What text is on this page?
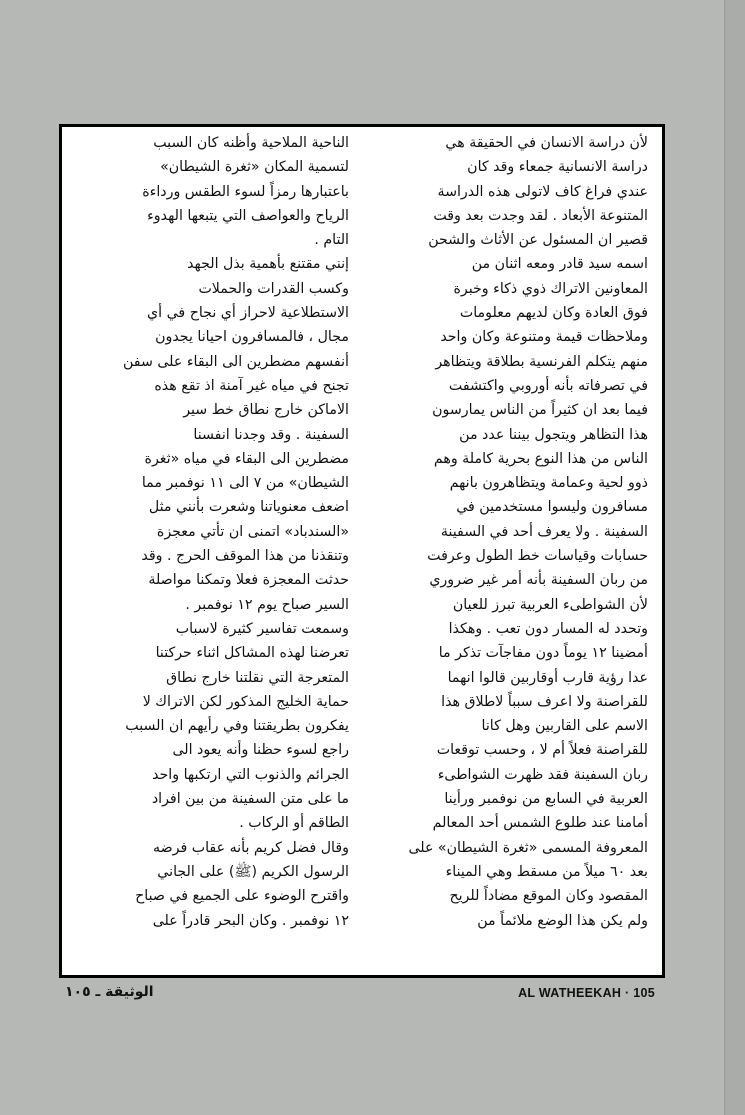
لأن دراسة الانسان في الحقيقة هي
دراسة الانسانية جمعاء وقد كان
عندي فراغ كاف لاتولى هذه الدراسة
المتنوعة الأبعاد . لقد وجدت بعد وقت
قصير ان المسئول عن الأثاث والشحن
اسمه سيد قادر ومعه اثنان من
المعاونين الاتراك ذوي ذكاء وخبرة
فوق العادة وكان لديهم معلومات
وملاحظات قيمة ومتنوعة وكان واحد
منهم يتكلم الفرنسية بطلاقة ويتظاهر
في تصرفاته بأنه أوروبي واكتشفت
فيما بعد ان كثيراً من الناس يمارسون
هذا التظاهر ويتجول بيننا عدد من
الناس من هذا النوع بحرية كاملة وهم
ذوو لحية وعمامة ويتظاهرون بانهم
مسافرون وليسوا مستخدمين في
السفينة . ولا يعرف أحد في السفينة
حسابات وقياسات خط الطول وعرفت
من ربان السفينة بأنه أمر غير ضروري
لأن الشواطىء العربية تبرز للعيان
وتحدد له المسار دون تعب . وهكذا
أمضينا ١٢ يوماً دون مفاجآت تذكر ما
عدا رؤية قارب أوقاربين قالوا انهما
للقراصنة ولا اعرف سبباً لاطلاق هذا
الاسم على القاربين وهل كانا
للقراصنة فعلاً أم لا ، وحسب توقعات
ربان السفينة فقد ظهرت الشواطىء
العربية في السابع من نوفمبر ورأينا
أمامنا عند طلوع الشمس أحد المعالم
المعروفة المسمى «ثغرة الشيطان» على
بعد ٦٠ ميلاً من مسقط وهي الميناء
المقصود وكان الموقع مضاداً للريح
ولم يكن هذا الوضع ملائماً من

الناحية الملاحية وأظنه كان السبب
لتسمية المكان «ثغرة الشيطان»
باعتبارها رمزاً لسوء الطقس ورداءة
الرياح والعواصف التي يتبعها الهدوء
التام .

إنني مقتنع بأهمية بذل الجهد
وكسب القدرات والحملات
الاستطلاعية لاحراز أي نجاح في أي
مجال ، فالمسافرون احيانا يجدون
أنفسهم مضطرين الى البقاء على سفن
تجنح في مياه غير آمنة اذ تقع هذه
الاماكن خارج نطاق خط سير
السفينة . وقد وجدنا انفسنا
مضطرين الى البقاء في مياه «ثغرة
الشيطان» من ٧ الى ١١ نوفمبر مما
اضعف معنوياتنا وشعرت بأنني مثل
«السندباد» اتمنى ان تأتي معجزة
وتنقذنا من هذا الموقف الحرج . وقد
حدثت المعجزة فعلا وتمكنا مواصلة
السير صباح يوم ١٢ نوفمبر .

وسمعت تفاسير كثيرة لاسباب
تعرضنا لهذه المشاكل اثناء حركتنا
المتعرجة التي نقلتنا خارج نطاق
حماية الخليج المذكور لكن الاتراك لا
يفكرون بطريقتنا وفي رأيهم ان السبب
راجع لسوء حظنا وأنه يعود الى
الجرائم والذنوب التي ارتكبها واحد
ما على متن السفينة من بين افراد
الطاقم أو الركاب .

وقال فضل كريم بأنه عقاب فرضه
الرسول الكريم (ﷺ) على الجاني
واقترح الوضوء على الجميع في صباح
١٢ نوفمبر . وكان البحر قادراً على

الوثيقة ـ ١٠٥	AL WATHEEKAH · 105
